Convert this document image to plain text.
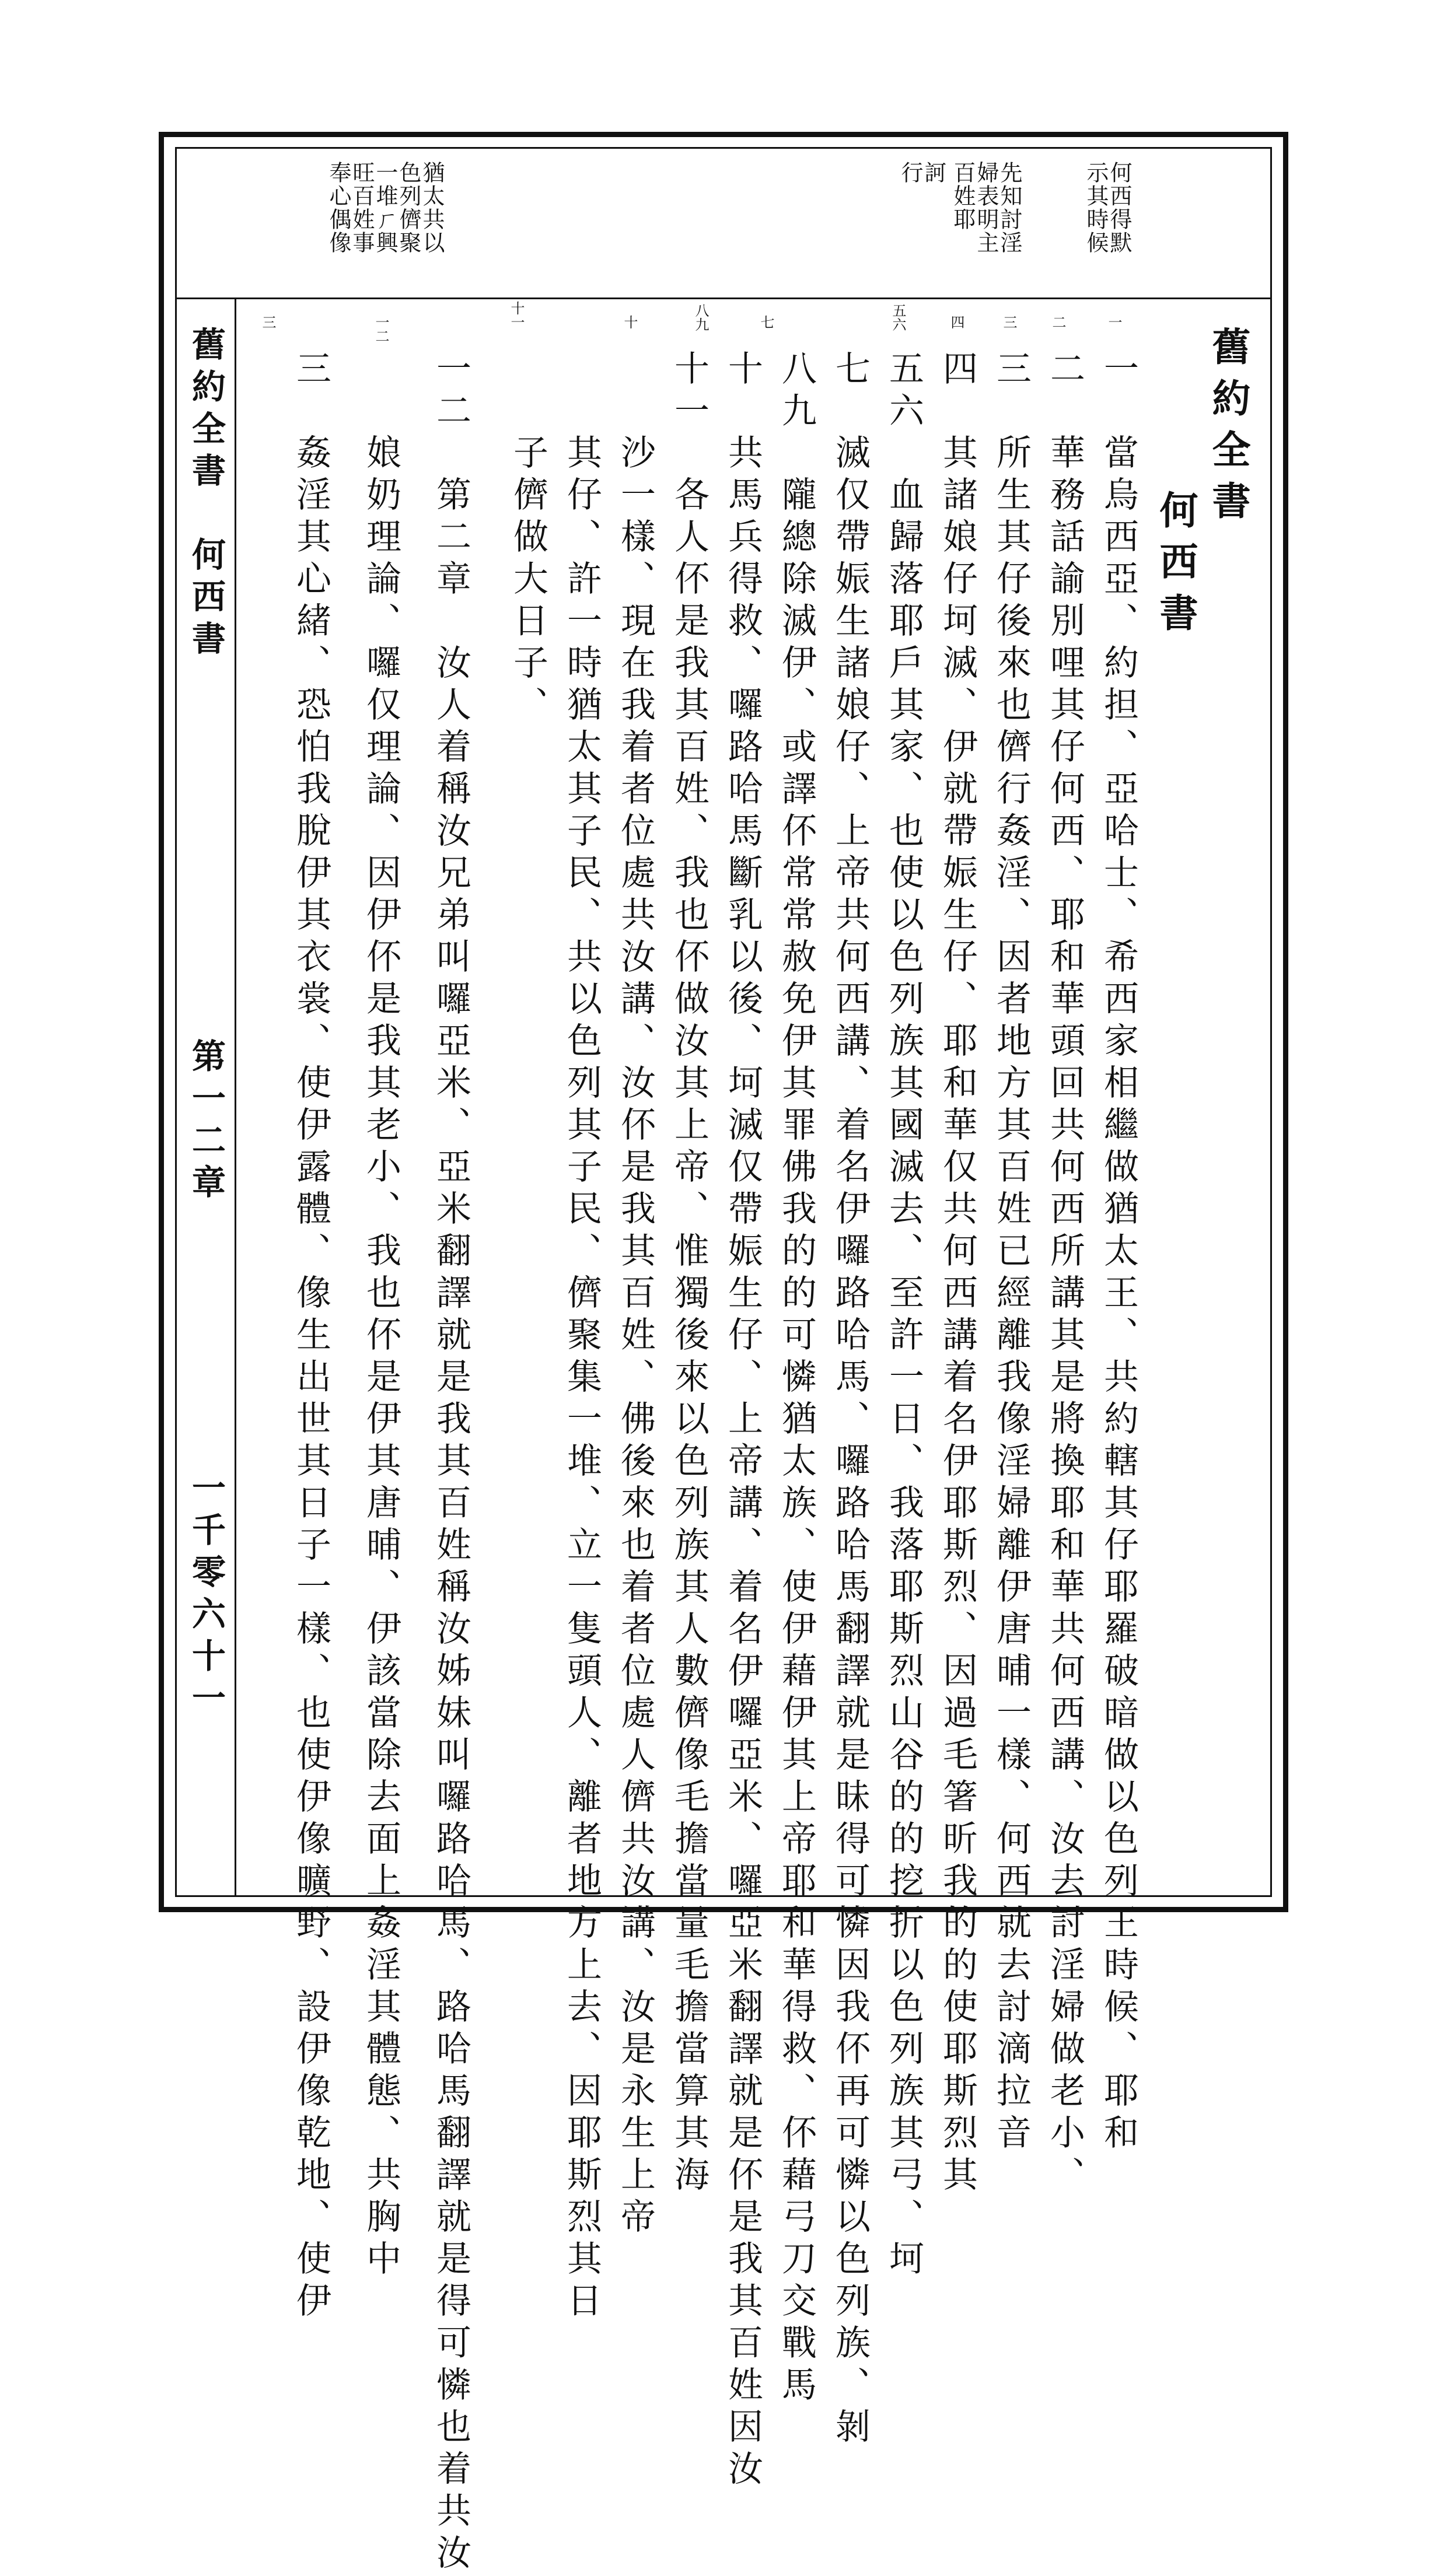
舊約全書
何西書
舊約全書　何西書
第一二章
一千零六十一
何西得默
示其時候
先知討淫
婦表明主
百姓耶
訶
行
猶太共以
色列儕聚
一堆ㄏ興
旺百姓事
奉心偶像
一
二
三
四
五六
七
八九
十
十一
一二
三
一　當烏西亞、約担、亞哈士、希西家相繼做猶太王、共約轄其仔耶羅破暗做以色列王時候、耶和
二　華務話諭別哩其仔何西、耶和華頭回共何西所講其是將換耶和華共何西講、汝去討淫婦做老小、
三　所生其仔後來也儕行姦淫、因者地方其百姓已經離我像淫婦離伊唐晡一樣、何西就去討滴拉音
四　其諸娘仔坷滅、伊就帶娠生仔、耶和華仅共何西講着名伊耶斯烈、因過毛箸昕我的的使耶斯烈其
五六　血歸落耶戶其家、也使以色列族其國滅去、至許一日、我落耶斯烈山谷的的挖折以色列族其弓、坷
七　滅仅帶娠生諸娘仔、上帝共何西講、着名伊囉路哈馬、囉路哈馬翻譯就是昧得可憐因我伓再可憐以色列族、剝
八九　隴總除滅伊、或譯伓常常赦免伊其罪佛我的的可憐猶太族、使伊藉伊其上帝耶和華得救、伓藉弓刀交戰馬
十　共馬兵得救、囉路哈馬斷乳以後、坷滅仅帶娠生仔、上帝講、着名伊囉亞米、囉亞米翻譯就是伓是我其百姓因汝
十一　各人伓是我其百姓、我也伓做汝其上帝、惟獨後來以色列族其人數儕像毛擔當量毛擔當算其海
　　沙一樣、現在我着者位處共汝講、汝伓是我其百姓、佛後來也着者位處人儕共汝講、汝是永生上帝
　　其仔、許一時猶太其子民、共以色列其子民、儕聚集一堆、立一隻頭人、離者地方上去、因耶斯烈其日
　　子儕做大日子、
一二　第二章　汝人着稱汝兄弟叫囉亞米、亞米翻譯就是我其百姓稱汝姊妹叫囉路哈馬、路哈馬翻譯就是得可憐也着共汝
　　娘奶理論、囉仅理論、因伊伓是我其老小、我也伓是伊其唐晡、伊該當除去面上姦淫其體態、共胸中
三　姦淫其心緒、恐怕我脫伊其衣裳、使伊露體、像生出世其日子一樣、也使伊像曠野、設伊像乾地、使伊
